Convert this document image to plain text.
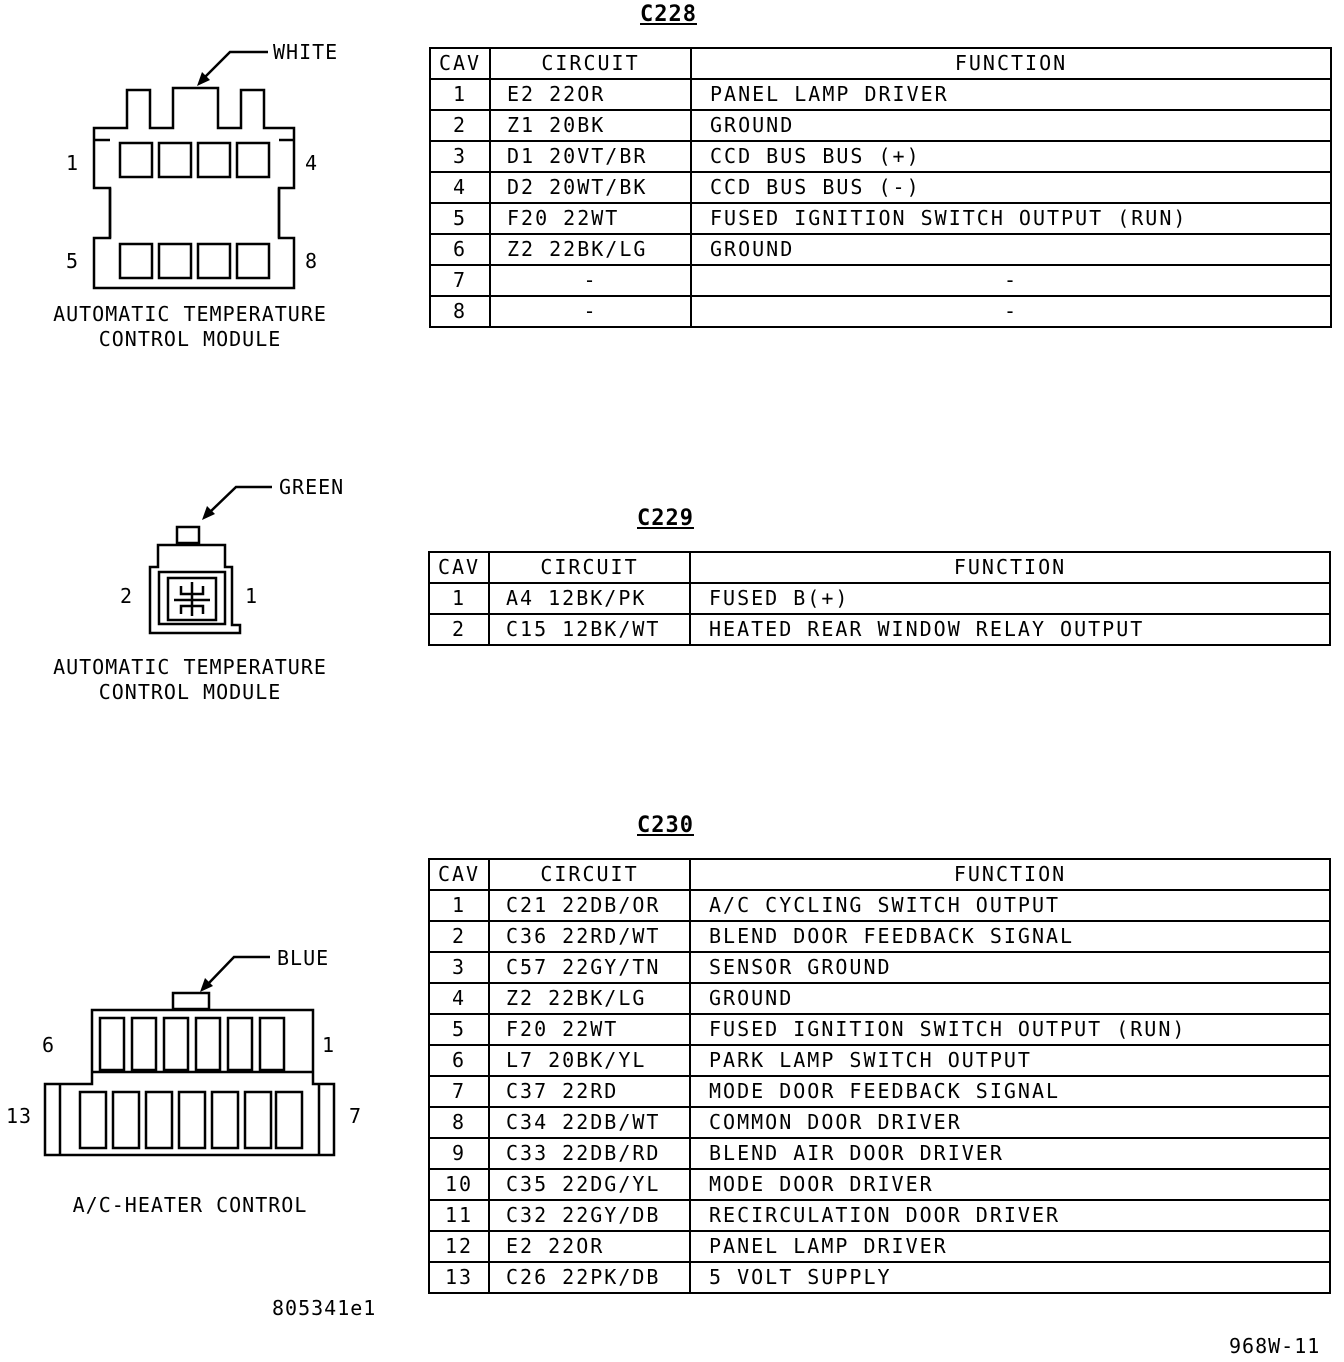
C228
CAV	CIRCUIT	FUNCTION
1	E2 22OR	PANEL LAMP DRIVER
2	Z1 20BK	GROUND
3	D1 20VT/BR	CCD BUS BUS (+)
4	D2 20WT/BK	CCD BUS BUS (-)
5	F20 22WT	FUSED IGNITION SWITCH OUTPUT (RUN)
6	Z2 22BK/LG	GROUND
7	-	-
8	-	-
WHITE
1	4
5	8
AUTOMATIC TEMPERATURE
CONTROL MODULE
C229
CAV	CIRCUIT	FUNCTION
1	A4 12BK/PK	FUSED B(+)
2	C15 12BK/WT	HEATED REAR WINDOW RELAY OUTPUT
GREEN
2	1
AUTOMATIC TEMPERATURE
CONTROL MODULE
C230
CAV	CIRCUIT	FUNCTION
1	C21 22DB/OR	A/C CYCLING SWITCH OUTPUT
2	C36 22RD/WT	BLEND DOOR FEEDBACK SIGNAL
3	C57 22GY/TN	SENSOR GROUND
4	Z2 22BK/LG	GROUND
5	F20 22WT	FUSED IGNITION SWITCH OUTPUT (RUN)
6	L7 20BK/YL	PARK LAMP SWITCH OUTPUT
7	C37 22RD	MODE DOOR FEEDBACK SIGNAL
8	C34 22DB/WT	COMMON DOOR DRIVER
9	C33 22DB/RD	BLEND AIR DOOR DRIVER
10	C35 22DG/YL	MODE DOOR DRIVER
11	C32 22GY/DB	RECIRCULATION DOOR DRIVER
12	E2 22OR	PANEL LAMP DRIVER
13	C26 22PK/DB	5 VOLT SUPPLY
BLUE
6	1
13	7
A/C-HEATER CONTROL
805341e1
968W-11
